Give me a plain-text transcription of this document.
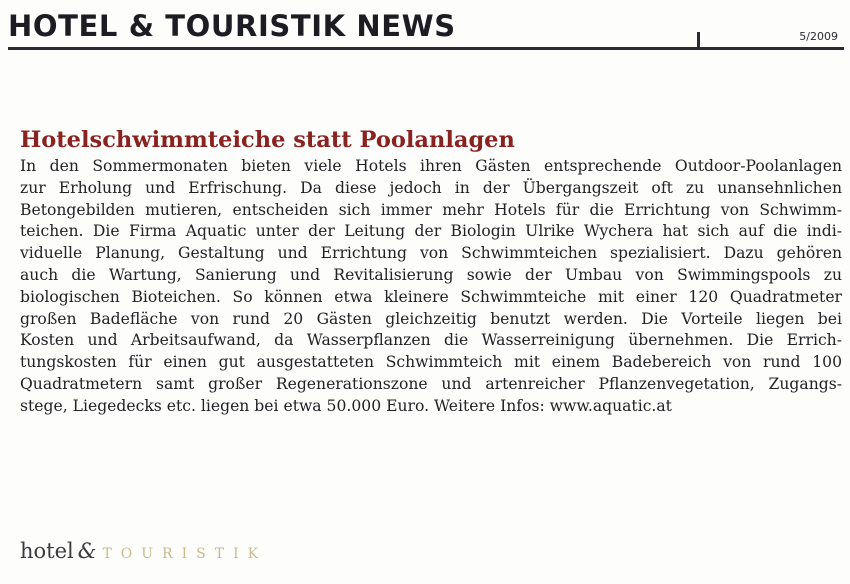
HOTEL & TOURISTIK NEWS	5/2009
Hotelschwimmteiche statt Poolanlagen
In den Sommermonaten bieten viele Hotels ihren Gästen entsprechende Outdoor-Poolanlagen
zur Erholung und Erfrischung. Da diese jedoch in der Übergangszeit oft zu unansehnlichen
Betongebilden mutieren, entscheiden sich immer mehr Hotels für die Errichtung von Schwimm-
teichen. Die Firma Aquatic unter der Leitung der Biologin Ulrike Wychera hat sich auf die indi-
viduelle Planung, Gestaltung und Errichtung von Schwimmteichen spezialisiert. Dazu gehören
auch die Wartung, Sanierung und Revitalisierung sowie der Umbau von Swimmingspools zu
biologischen Bioteichen. So können etwa kleinere Schwimmteiche mit einer 120 Quadratmeter
großen Badefläche von rund 20 Gästen gleichzeitig benutzt werden. Die Vorteile liegen bei
Kosten und Arbeitsaufwand, da Wasserpflanzen die Wasserreinigung übernehmen. Die Errich-
tungskosten für einen gut ausgestatteten Schwimmteich mit einem Badebereich von rund 100
Quadratmetern samt großer Regenerationszone und artenreicher Pflanzenvegetation, Zugangs-
stege, Liegedecks etc. liegen bei etwa 50.000 Euro. Weitere Infos: www.aquatic.at
hotel & TOURISTIK
